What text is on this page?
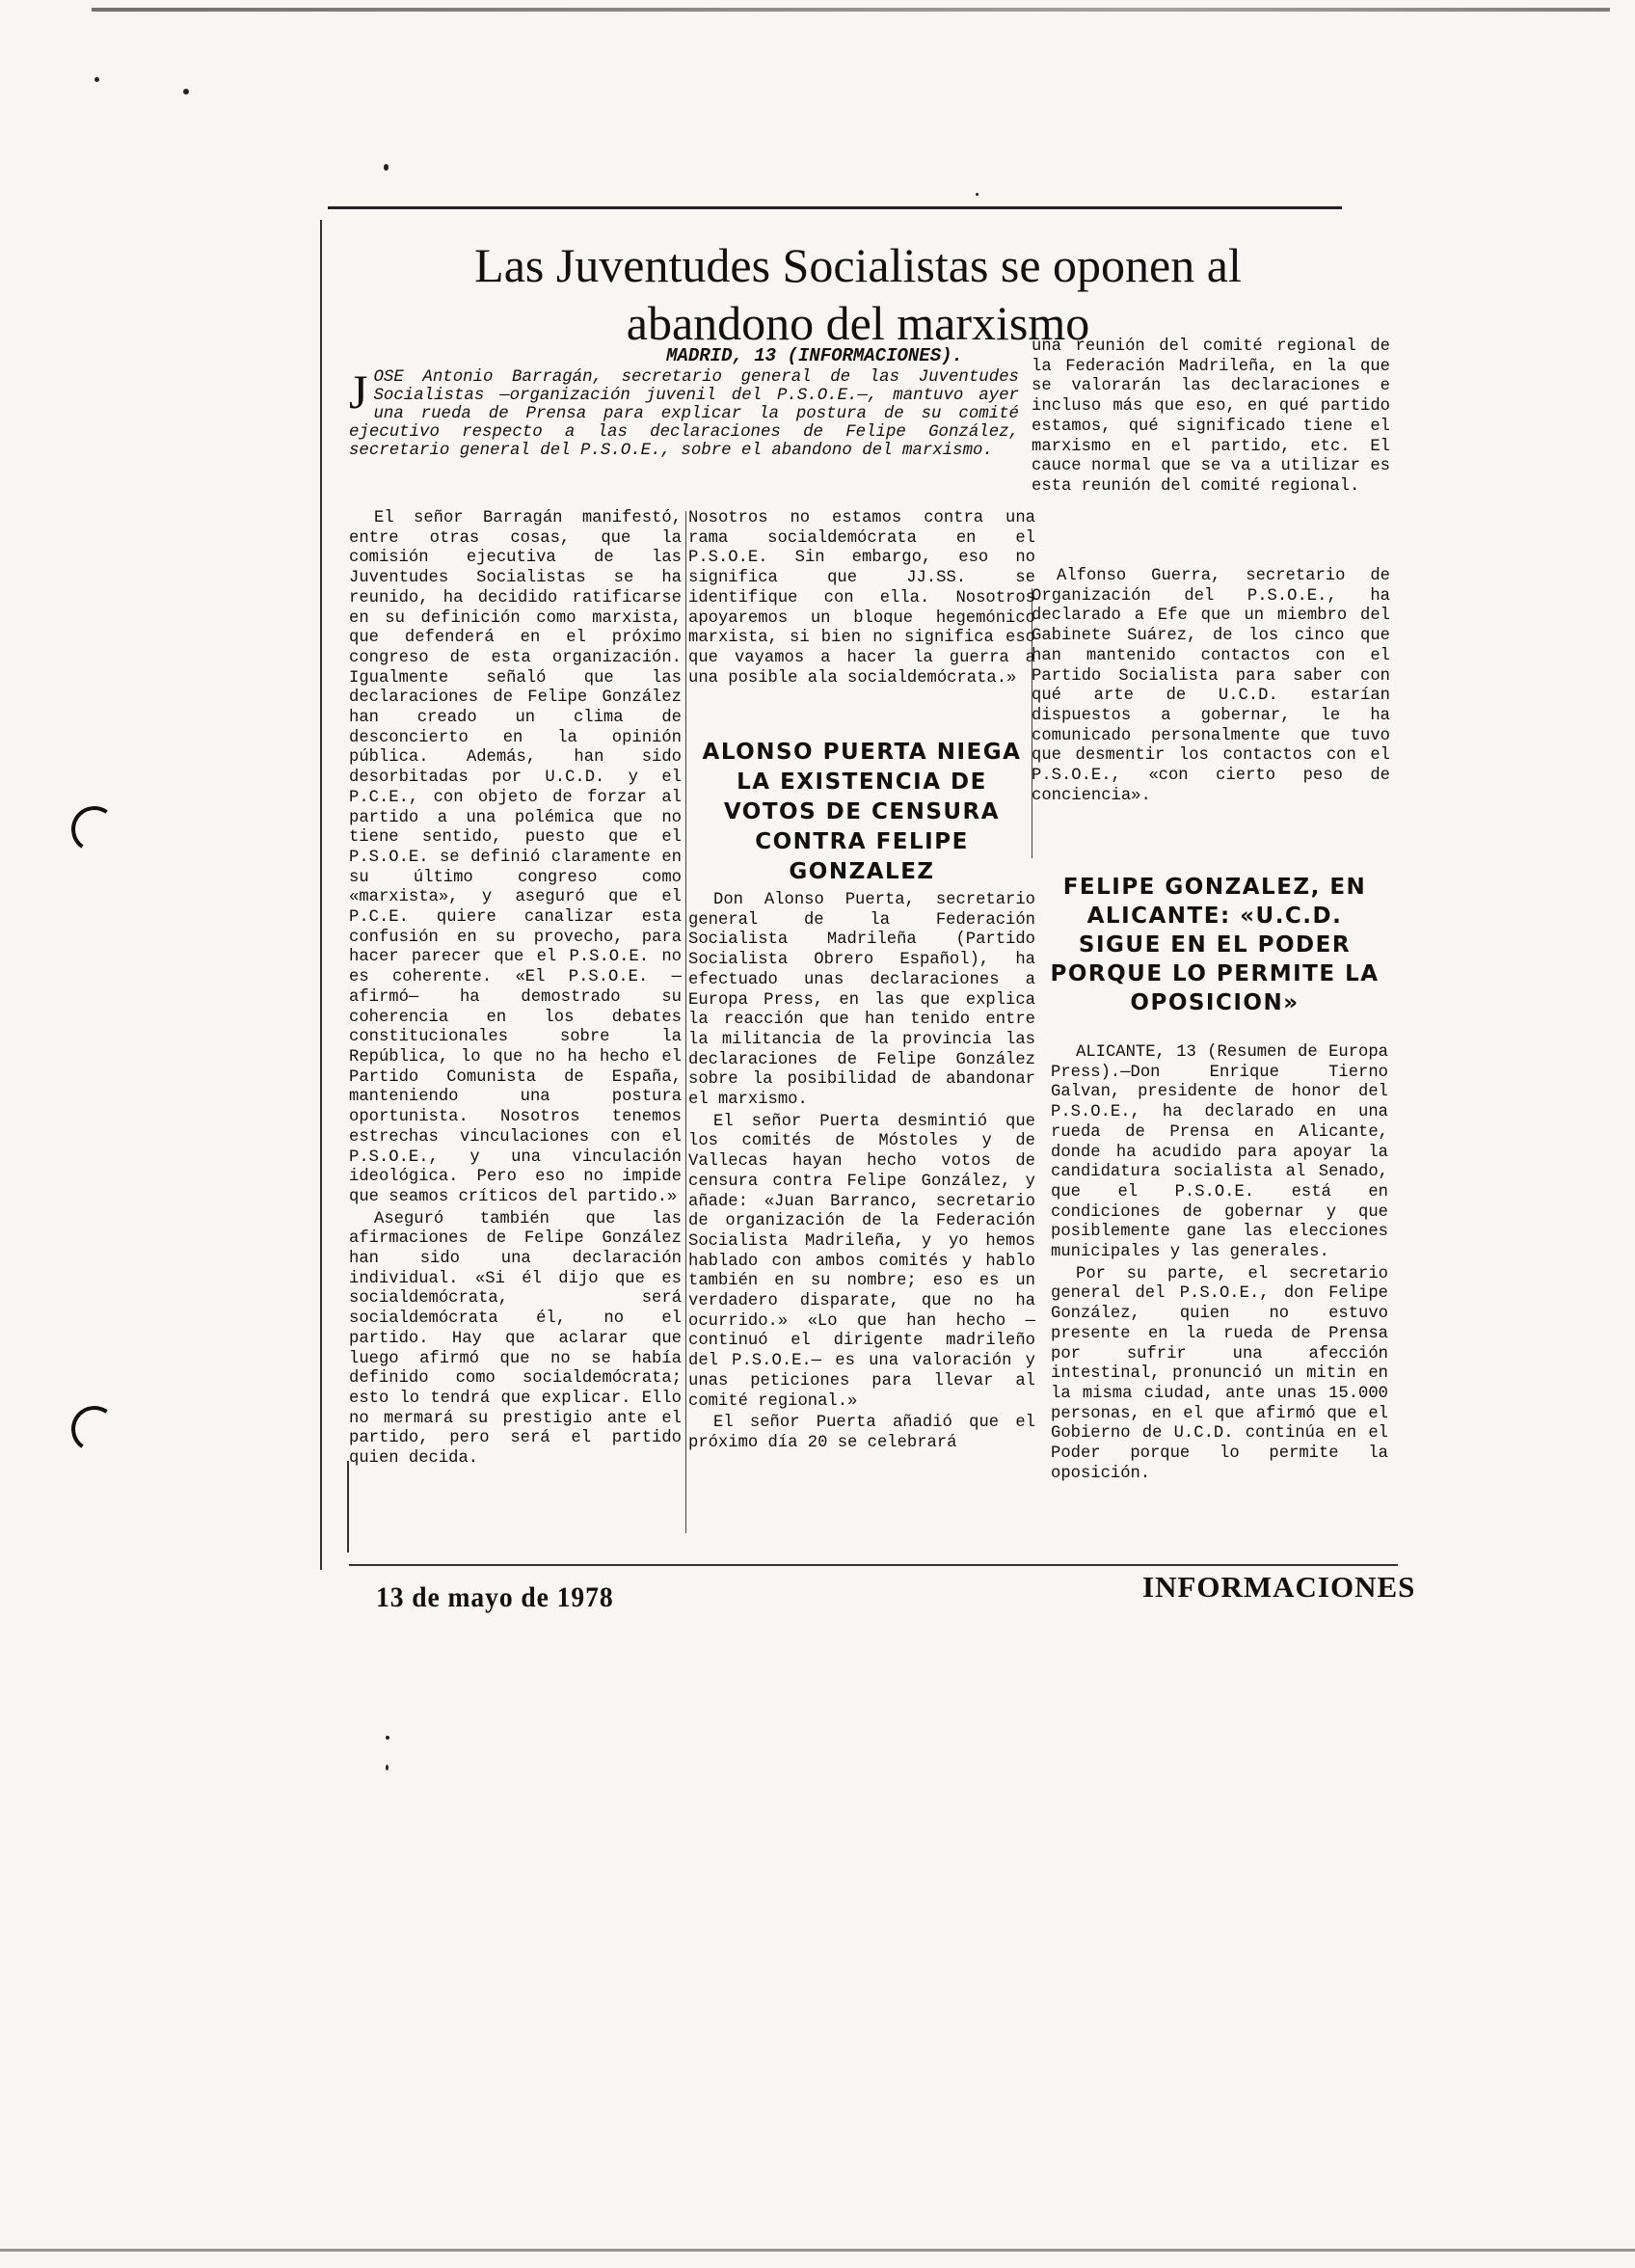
Las Juventudes Socialistas se oponen al abandono del marxismo
MADRID, 13 (INFORMACIONES).

JOSE Antonio Barragán, secretario general de las Juventudes Socialistas —organización juvenil del P.S.O.E.—, mantuvo ayer una rueda de Prensa para explicar la postura de su comité ejecutivo respecto a las declaraciones de Felipe González, secretario general del P.S.O.E., sobre el abandono del marxismo.

El señor Barragán manifestó, entre otras cosas, que la comisión ejecutiva de las Juventudes Socialistas se ha reunido, ha decidido ratificarse en su definición como marxista, que defenderá en el próximo congreso de esta organización. Igualmente señaló que las declaraciones de Felipe González han creado un clima de desconcierto en la opinión pública. Además, han sido desorbitadas por U.C.D. y el P.C.E., con objeto de forzar al partido a una polémica que no tiene sentido, puesto que el P.S.O.E. se definió claramente en su último congreso como «marxista», y aseguró que el P.C.E. quiere canalizar esta confusión en su provecho, para hacer parecer que el P.S.O.E. no es coherente. «El P.S.O.E. —afirmó— ha demostrado su coherencia en los debates constitucionales sobre la República, lo que no ha hecho el Partido Comunista de España, manteniendo una postura oportunista. Nosotros tenemos estrechas vinculaciones con el P.S.O.E., y una vinculación ideológica. Pero eso no impide que seamos críticos del partido.»

Aseguró también que las afirmaciones de Felipe González han sido una declaración individual. «Si él dijo que es socialdemócrata, será socialdemócrata él, no el partido. Hay que aclarar que luego afirmó que no se había definido como socialdemócrata; esto lo tendrá que explicar. Ello no mermará su prestigio ante el partido, pero será el partido quien decida.

Nosotros no estamos contra una rama socialdemócrata en el P.S.O.E. Sin embargo, eso no significa que JJ.SS. se identifique con ella. Nosotros apoyaremos un bloque hegemónico marxista, si bien no significa eso que vayamos a hacer la guerra a una posible ala socialdemócrata.»

ALONSO PUERTA NIEGA LA EXISTENCIA DE VOTOS DE CENSURA CONTRA FELIPE GONZALEZ

Don Alonso Puerta, secretario general de la Federación Socialista Madrileña (Partido Socialista Obrero Español), ha efectuado unas declaraciones a Europa Press, en las que explica la reacción que han tenido entre la militancia de la provincia las declaraciones de Felipe González sobre la posibilidad de abandonar el marxismo.

El señor Puerta desmintió que los comités de Móstoles y de Vallecas hayan hecho votos de censura contra Felipe González, y añade: «Juan Barranco, secretario de organización de la Federación Socialista Madrileña, y yo hemos hablado con ambos comités y hablo también en su nombre; eso es un verdadero disparate, que no ha ocurrido.» «Lo que han hecho —continuó el dirigente madrileño del P.S.O.E.— es una valoración y unas peticiones para llevar al comité regional.»

El señor Puerta añadió que el próximo día 20 se celebrará

una reunión del comité regional de la Federación Madrileña, en la que se valorarán las declaraciones e incluso más que eso, en qué partido estamos, qué significado tiene el marxismo en el partido, etc. El cauce normal que se va a utilizar es esta reunión del comité regional.

Alfonso Guerra, secretario de Organización del P.S.O.E., ha declarado a Efe que un miembro del Gabinete Suárez, de los cinco que han mantenido contactos con el Partido Socialista para saber con qué arte de U.C.D. estarían dispuestos a gobernar, le ha comunicado personalmente que tuvo que desmentir los contactos con el P.S.O.E., «con cierto peso de conciencia».

FELIPE GONZALEZ, EN ALICANTE: «U.C.D. SIGUE EN EL PODER PORQUE LO PERMITE LA OPOSICION»

ALICANTE, 13 (Resumen de Europa Press).—Don Enrique Tierno Galvan, presidente de honor del P.S.O.E., ha declarado en una rueda de Prensa en Alicante, donde ha acudido para apoyar la candidatura socialista al Senado, que el P.S.O.E. está en condiciones de gobernar y que posiblemente gane las elecciones municipales y las generales.

Por su parte, el secretario general del P.S.O.E., don Felipe González, quien no estuvo presente en la rueda de Prensa por sufrir una afección intestinal, pronunció un mitin en la misma ciudad, ante unas 15.000 personas, en el que afirmó que el Gobierno de U.C.D. continúa en el Poder porque lo permite la oposición.

13 de mayo de 1978	INFORMACIONES
